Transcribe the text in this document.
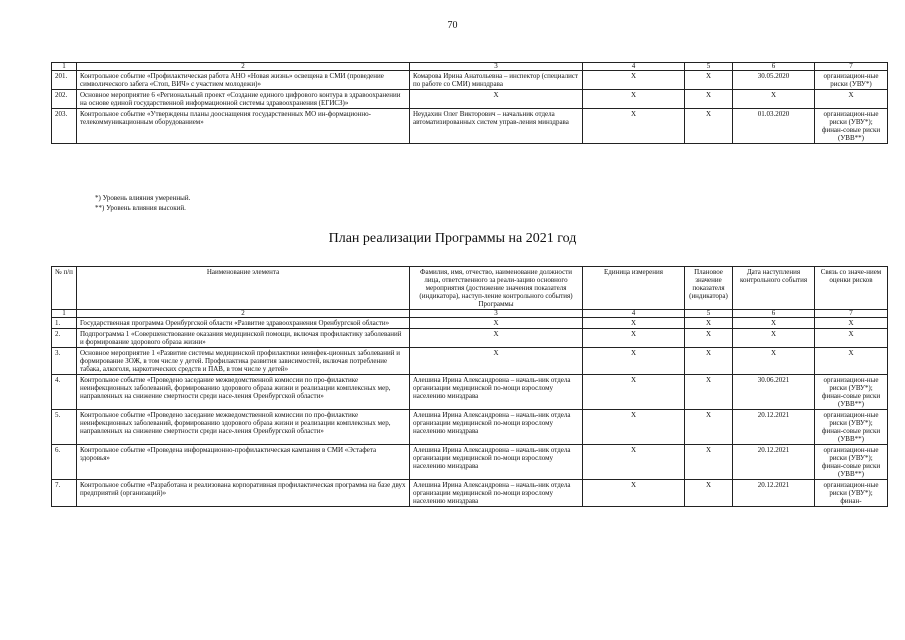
70
1	2	3	4	5	6	7
201.	Контрольное событие «Профилактическая работа АНО «Новая жизнь» освещена в СМИ (проведение символического забега «Стоп, ВИЧ» с участием молодежи)»	Комарова Ирина Анатольевна – инспектор (специалист по работе со СМИ) минздрава	Х	Х	30.05.2020	организацион-ные риски (УВУ*)
202.	Основное мероприятие 6 «Региональный проект «Создание единого цифрового контура в здравоохранении на основе единой государственной информационной системы здравоохранения (ЕГИСЗ)»	Х	Х	Х	Х	Х
203.	Контрольное событие «Утверждены планы дооснащения государственных МО ин-формационно-телекоммуникационным оборудованием»	Неудахин Олег Викторович – начальник отдела автоматизированных систем управ-ления минздрава	Х	Х	01.03.2020	организацион-ные риски (УВУ*); финан-совые риски (УВВ**)
*) Уровень влияния умеренный.
**) Уровень влияния высокий.
План реализации Программы на 2021 год
№ п/п	Наименование элемента	Фамилия, имя, отчество, наименование должности лица, ответственного за реали-зацию основного мероприятия (достижение значения показателя (индикатора), наступ-ление контрольного события) Программы	Единица измерения	Плановое значение показателя (индикатора)	Дата наступления контрольного события	Связь со значе-нием оценки рисков
1	2	3	4	5	6	7
1.	Государственная программа Оренбургской области «Развитие здравоохранения Оренбургской области»	Х	Х	Х	Х	Х
2.	Подпрограмма 1 «Совершенствование оказания медицинской помощи, включая профилактику заболеваний и формирование здорового образа жизни»	Х	Х	Х	Х	Х
3.	Основное мероприятие 1 «Развитие системы медицинской профилактики неинфек-ционных заболеваний и формирование ЗОЖ, в том числе у детей. Профилактика развития зависимостей, включая потребление табака, алкоголя, наркотических средств и ПАВ, в том числе у детей»	Х	Х	Х	Х	Х
4.	Контрольное событие «Проведено заседание межведомственной комиссии по про-филактике неинфекционных заболеваний, формированию здорового образа жизни и реализации комплексных мер, направленных на снижение смертности среди насе-ления Оренбургской области»	Алешина Ирина Александровна – началь-ник отдела организации медицинской по-мощи взрослому населению минздрава	Х	Х	30.06.2021	организацион-ные риски (УВУ*); финан-совые риски (УВВ**)
5.	Контрольное событие «Проведено заседание межведомственной комиссии по про-филактике неинфекционных заболеваний, формированию здорового образа жизни и реализации комплексных мер, направленных на снижение смертности среди насе-ления Оренбургской области»	Алешина Ирина Александровна – началь-ник отдела организации медицинской по-мощи взрослому населению минздрава	Х	Х	20.12.2021	организацион-ные риски (УВУ*); финан-совые риски (УВВ**)
6.	Контрольное событие «Проведена информационно-профилактическая кампания в СМИ «Эстафета здоровья»	Алешина Ирина Александровна – началь-ник отдела организации медицинской по-мощи взрослому населению минздрава	Х	Х	20.12.2021	организацион-ные риски (УВУ*); финан-совые риски (УВВ**)
7.	Контрольное событие «Разработана и реализована корпоративная профилактическая программа на базе двух предприятий (организаций)»	Алешина Ирина Александровна – началь-ник отдела организации медицинской по-мощи взрослому населению минздрава	Х	Х	20.12.2021	организацион-ные риски (УВУ*); финан-
